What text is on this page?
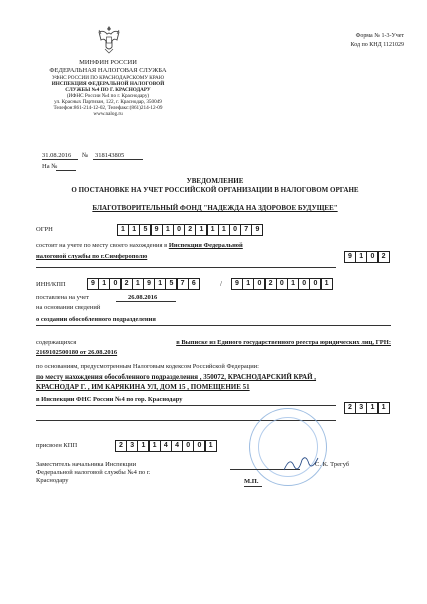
Форма № 1-3-Учет
Код по КНД 1121029
МИНФИН РОССИИ
ФЕДЕРАЛЬНАЯ НАЛОГОВАЯ СЛУЖБА
УФНС РОССИИ ПО КРАСНОДАРСКОМУ КРАЮ
ИНСПЕКЦИЯ ФЕДЕРАЛЬНОЙ НАЛОГОВОЙ
СЛУЖБЫ №4 ПО Г. КРАСНОДАРУ
(ИФНС России №4 по г. Краснодару)
ул. Красных Партизан, 122, г. Краснодар, 350049
Телефон:861-214-12-02, Телефакс:(861)214-12-09
www.nalog.ru
31.08.2016 № 318143805
На №
УВЕДОМЛЕНИЕ
О ПОСТАНОВКЕ НА УЧЕТ РОССИЙСКОЙ ОРГАНИЗАЦИИ В НАЛОГОВОМ ОРГАНЕ
БЛАГОТВОРИТЕЛЬНЫЙ ФОНД "НАДЕЖДА НА ЗДОРОВОЕ БУДУЩЕЕ"
ОГРН	1	1	5	9	1	0	2	1	1	1	0	7	9
состоит на учете по месту своего нахождения в Инспекция Федеральной
налоговой службы по г.Симферополю	9	1	0	2
ИНН/КПП	9	1	0	2	1	9	1	5	7	6	/	9	1	0	2	0	1	0	0	1
поставлена на учет	26.08.2016
на основании сведений
о создании обособленного подразделения
содержащихся	в Выписке из Единого государственного реестра юридических лиц, ГРН:
2169102500180 от 26.08.2016
по основаниям, предусмотренным Налоговым кодексом Российской Федерации:
по месту нахождения обособленного подразделения , 350072, КРАСНОДАРСКИЙ КРАЙ ,
КРАСНОДАР Г. , ИМ КАРЯКИНА УЛ, ДОМ 15 , ПОМЕЩЕНИЕ 51
в Инспекции ФНС России №4 по гор. Краснодару
2	3	1	1
присвоен КПП	2	3	1	1	4	4	0	0	1
Заместитель начальника Инспекции
Федеральной налоговой службы №4 по г.
Краснодару	М.П.
С. К. Трегуб
